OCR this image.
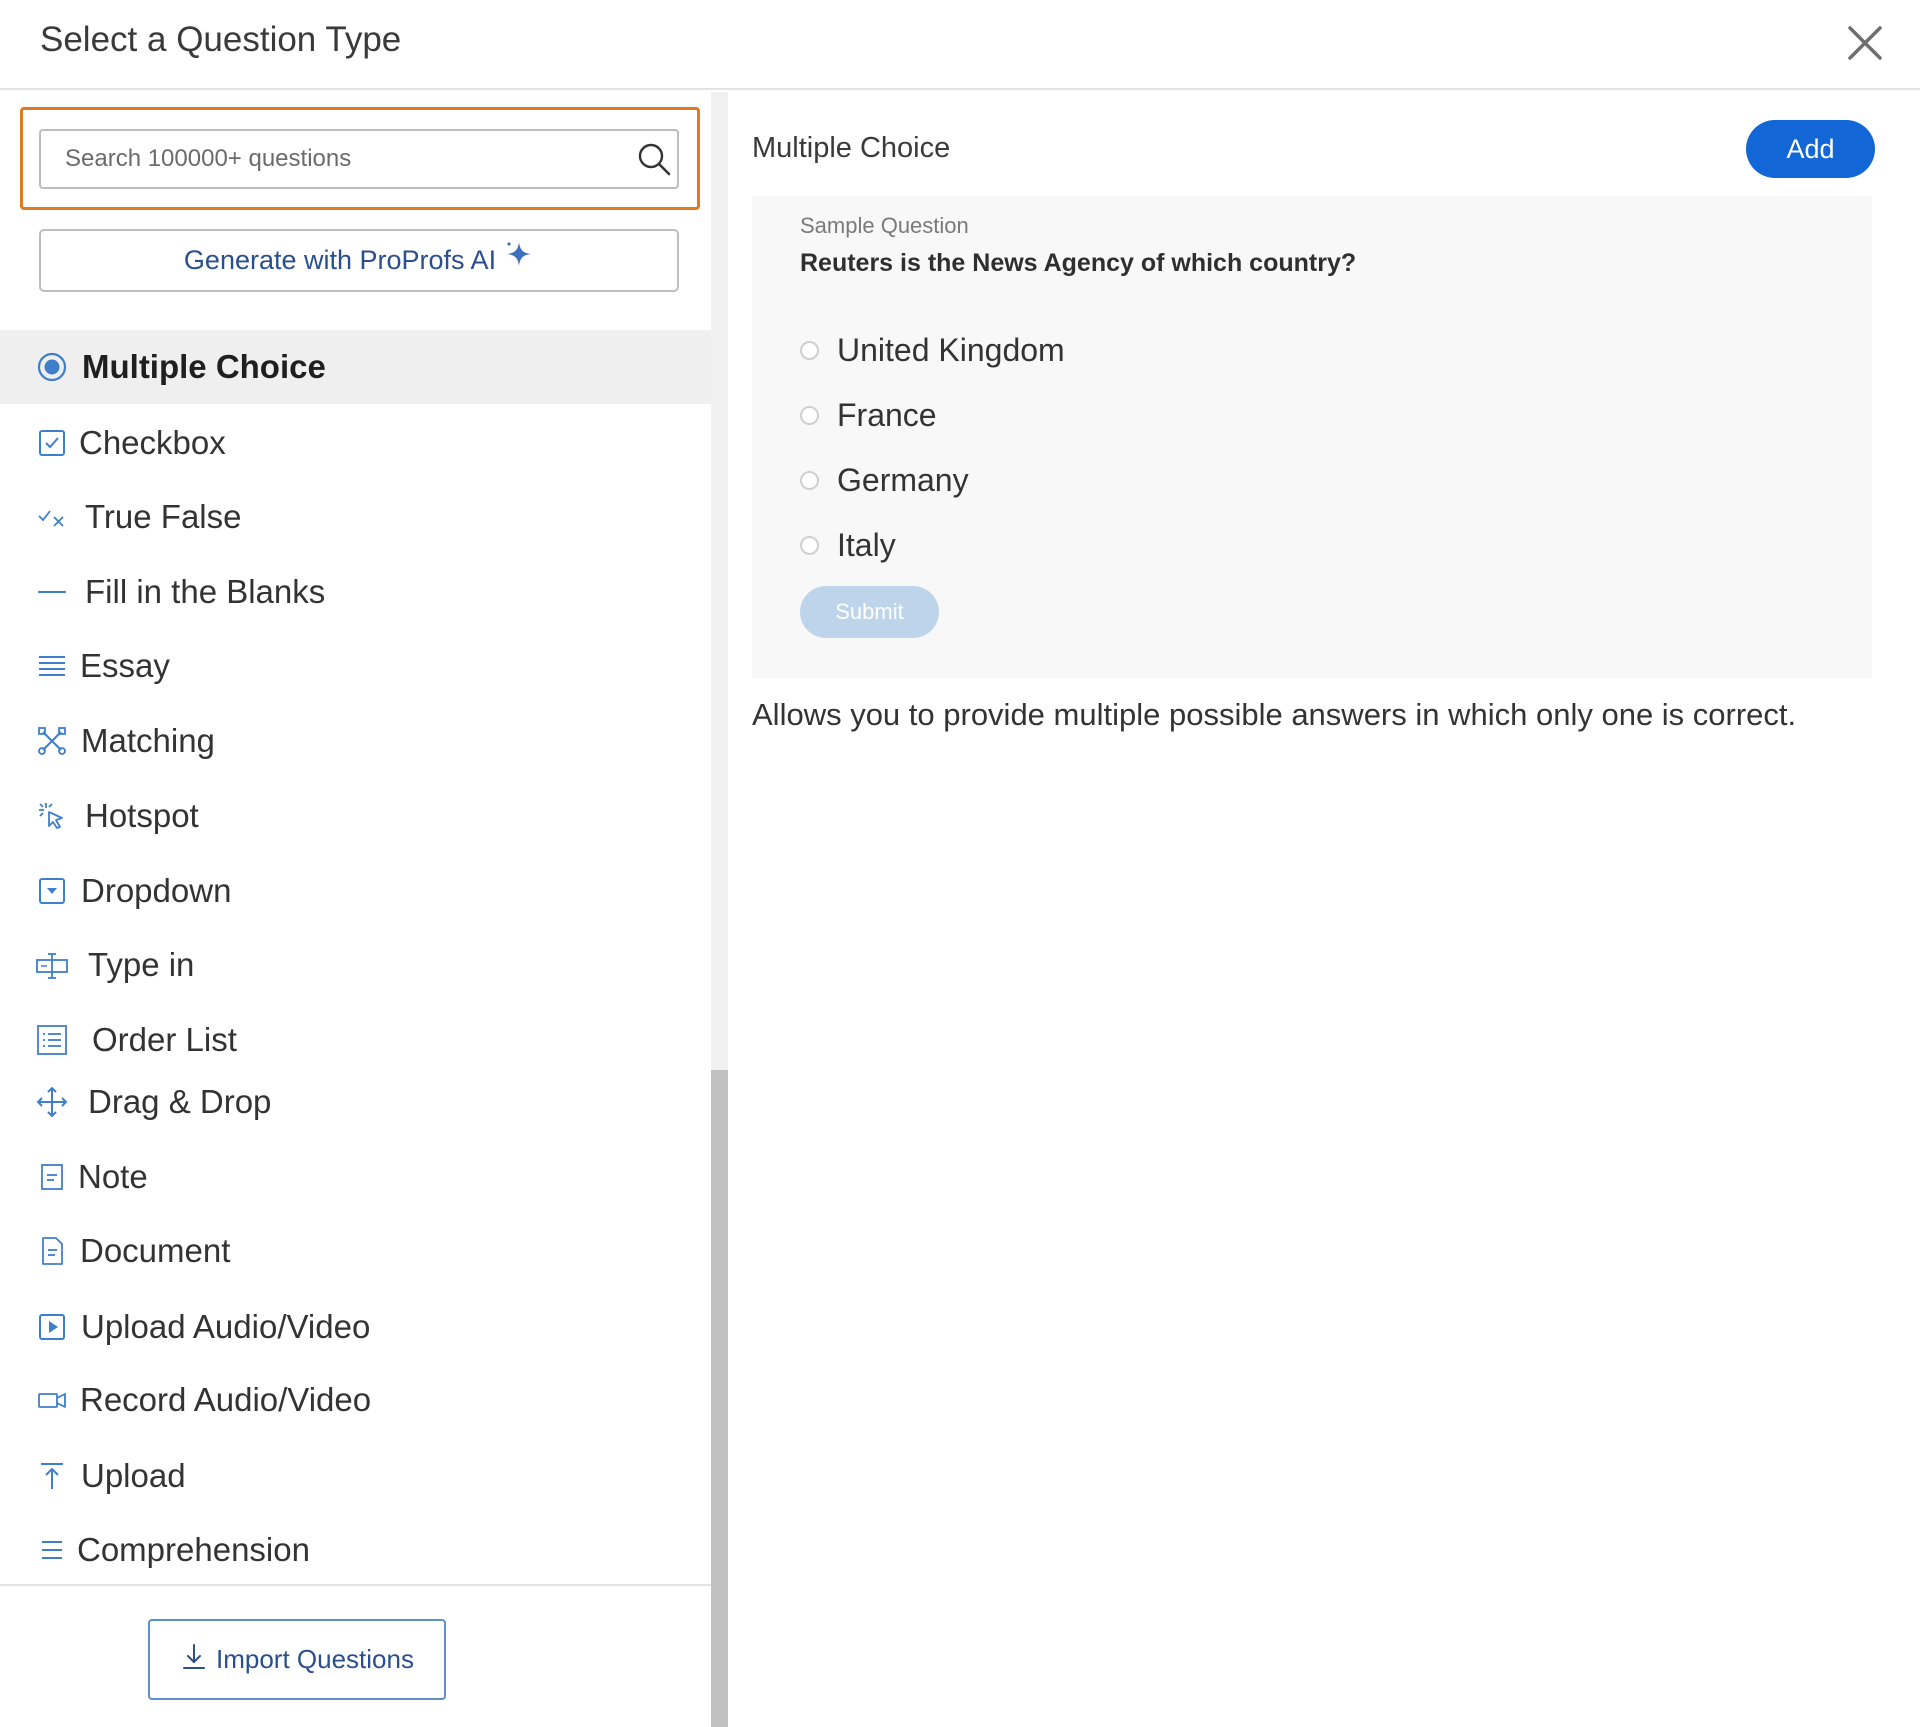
Select a Question Type
Search 100000+ questions
Generate with ProProfs AI
Multiple Choice
Checkbox
True False
Fill in the Blanks
Essay
Matching
Hotspot
Dropdown
Type in
Order List
Drag & Drop
Note
Document
Upload Audio/Video
Record Audio/Video
Upload
Comprehension
Import Questions
Multiple Choice	Add
Sample Question
Reuters is the News Agency of which country?
United Kingdom
France
Germany
Italy
Submit
Allows you to provide multiple possible answers in which only one is correct.
